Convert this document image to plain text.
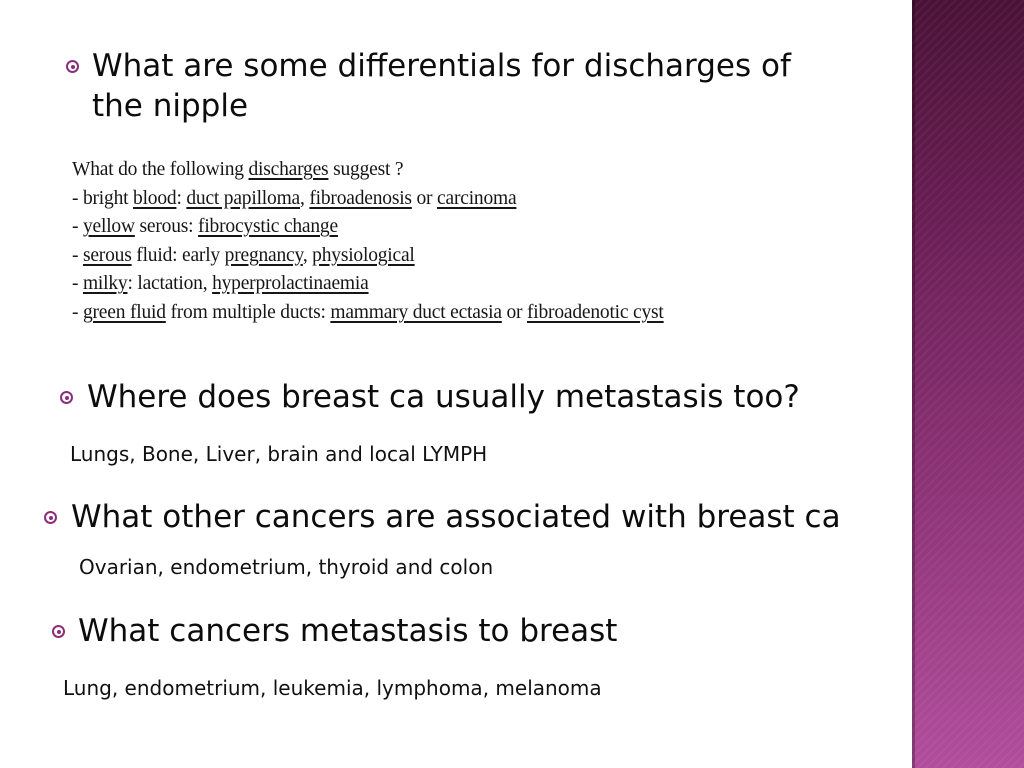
What are some differentials for discharges of
the nipple
What do the following discharges suggest ?
- bright blood: duct papilloma, fibroadenosis or carcinoma
- yellow serous: fibrocystic change
- serous fluid: early pregnancy, physiological
- milky: lactation, hyperprolactinaemia
- green fluid from multiple ducts: mammary duct ectasia or fibroadenotic cyst
Where does breast ca usually metastasis too?

Lungs, Bone, Liver, brain and local LYMPH

What other cancers are associated with breast ca

Ovarian, endometrium, thyroid and colon

What cancers metastasis to breast

Lung, endometrium, leukemia, lymphoma, melanoma
